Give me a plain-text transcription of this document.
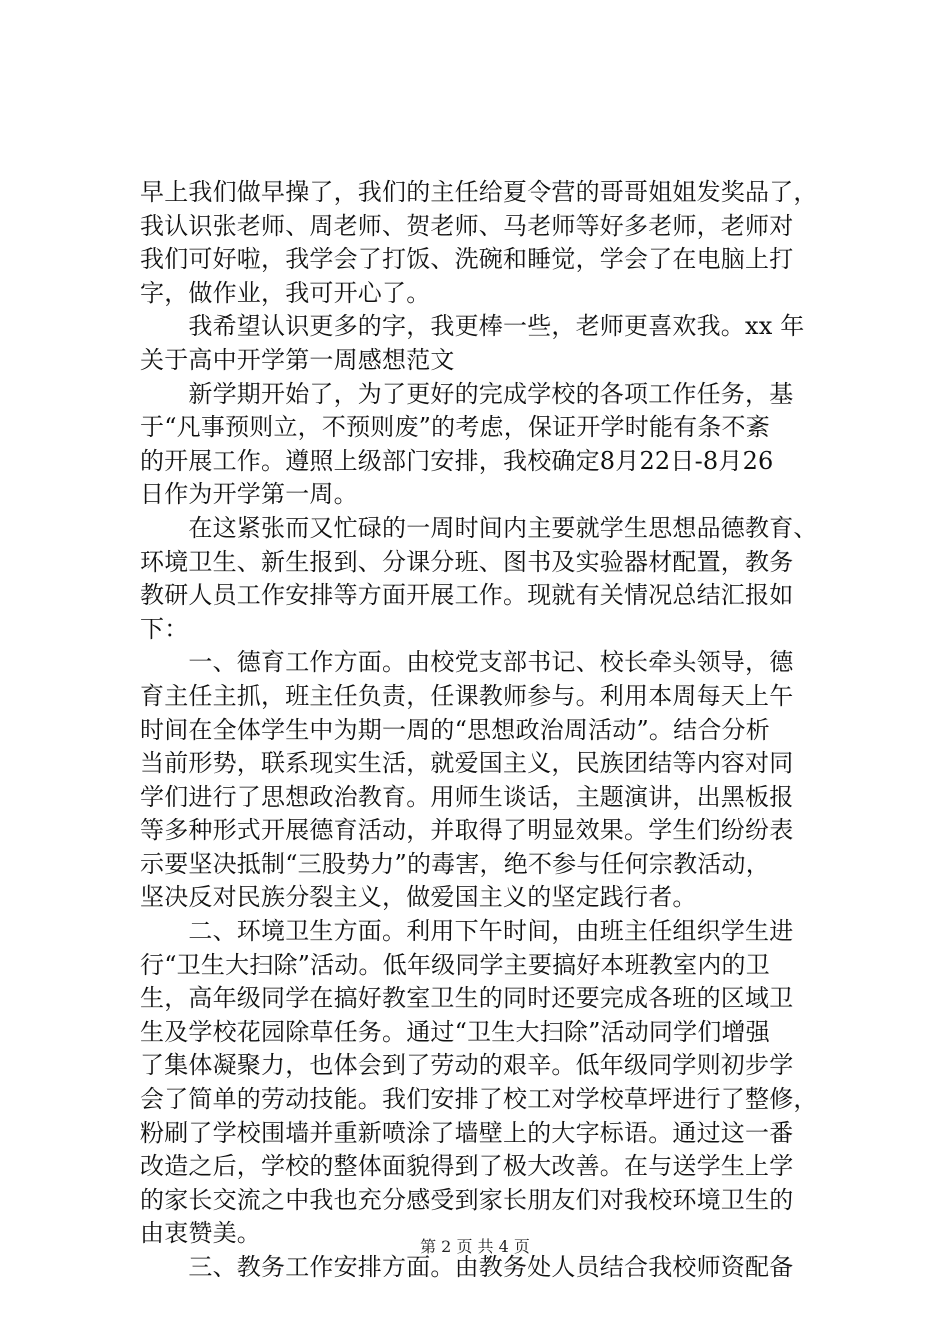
早上我们做早操了，我们的主任给夏令营的哥哥姐姐发奖品了，
我认识张老师、周老师、贺老师、马老师等好多老师，老师对
我们可好啦，我学会了打饭、洗碗和睡觉，学会了在电脑上打
字，做作业，我可开心了。
　　我希望认识更多的字，我更棒一些，老师更喜欢我。xx 年
关于高中开学第一周感想范文
　　新学期开始了，为了更好的完成学校的各项工作任务，基
于“凡事预则立，不预则废”的考虑，保证开学时能有条不紊
的开展工作。遵照上级部门安排，我校确定8月22日-8月26
日作为开学第一周。
　　在这紧张而又忙碌的一周时间内主要就学生思想品德教育、
环境卫生、新生报到、分课分班、图书及实验器材配置，教务
教研人员工作安排等方面开展工作。现就有关情况总结汇报如
下：
　　一、德育工作方面。由校党支部书记、校长牵头领导，德
育主任主抓，班主任负责，任课教师参与。利用本周每天上午
时间在全体学生中为期一周的“思想政治周活动”。结合分析
当前形势，联系现实生活，就爱国主义，民族团结等内容对同
学们进行了思想政治教育。用师生谈话，主题演讲，出黑板报
等多种形式开展德育活动，并取得了明显效果。学生们纷纷表
示要坚决抵制“三股势力”的毒害，绝不参与任何宗教活动，
坚决反对民族分裂主义，做爱国主义的坚定践行者。
　　二、环境卫生方面。利用下午时间，由班主任组织学生进
行“卫生大扫除”活动。低年级同学主要搞好本班教室内的卫
生，高年级同学在搞好教室卫生的同时还要完成各班的区域卫
生及学校花园除草任务。通过“卫生大扫除”活动同学们增强
了集体凝聚力，也体会到了劳动的艰辛。低年级同学则初步学
会了简单的劳动技能。我们安排了校工对学校草坪进行了整修，
粉刷了学校围墙并重新喷涂了墙壁上的大字标语。通过这一番
改造之后，学校的整体面貌得到了极大改善。在与送学生上学
的家长交流之中我也充分感受到家长朋友们对我校环境卫生的
由衷赞美。
　　三、教务工作安排方面。由教务处人员结合我校师资配备
第 2 页 共 4 页
